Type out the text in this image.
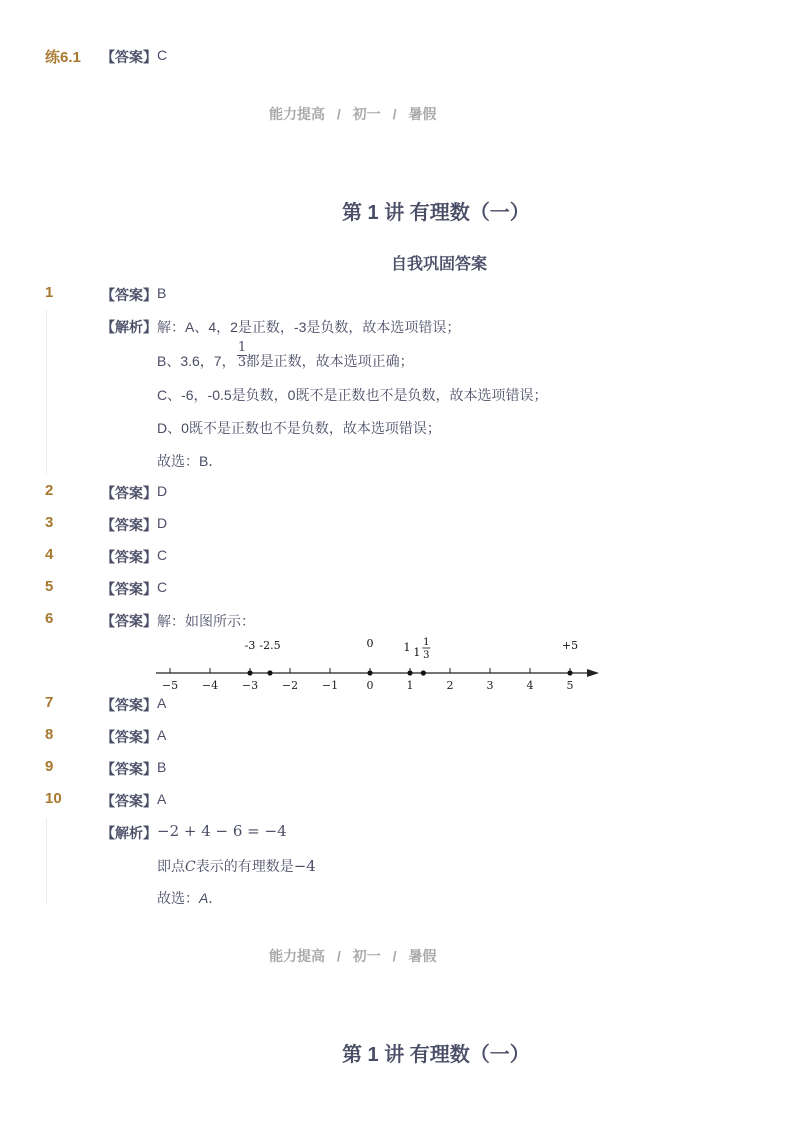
练6.1 【答案】 C
能力提高 / 初一 / 暑假
第 1 讲 有理数（一）
自我巩固答案
1	【答案】 B
【解析】 解：A、4，2是正数，-3是负数，故本选项错误；
B、3.6，7， 都是正数，故本选项正确；
1
3
C、-6，-0.5是负数，0既不是正数也不是负数，故本选项错误；
D、0既不是正数也不是负数，故本选项错误；
故选：B．
2	【答案】 D
3	【答案】 D
4	【答案】 C
5	【答案】 C
6	【答案】 解：如图所示：
−5 −4 −3 −2 −1	0	1	2	3	4	5
-3 -2.5	0	1 1
1
3
+5
7	【答案】 A
8	【答案】 A
9	【答案】 B
10	【答案】 A
【解析】 −2 + 4 − 6 = −4
即点C表示的有理数是−4
故选：A．
能力提高 / 初一 / 暑假
第 1 讲 有理数（一）
